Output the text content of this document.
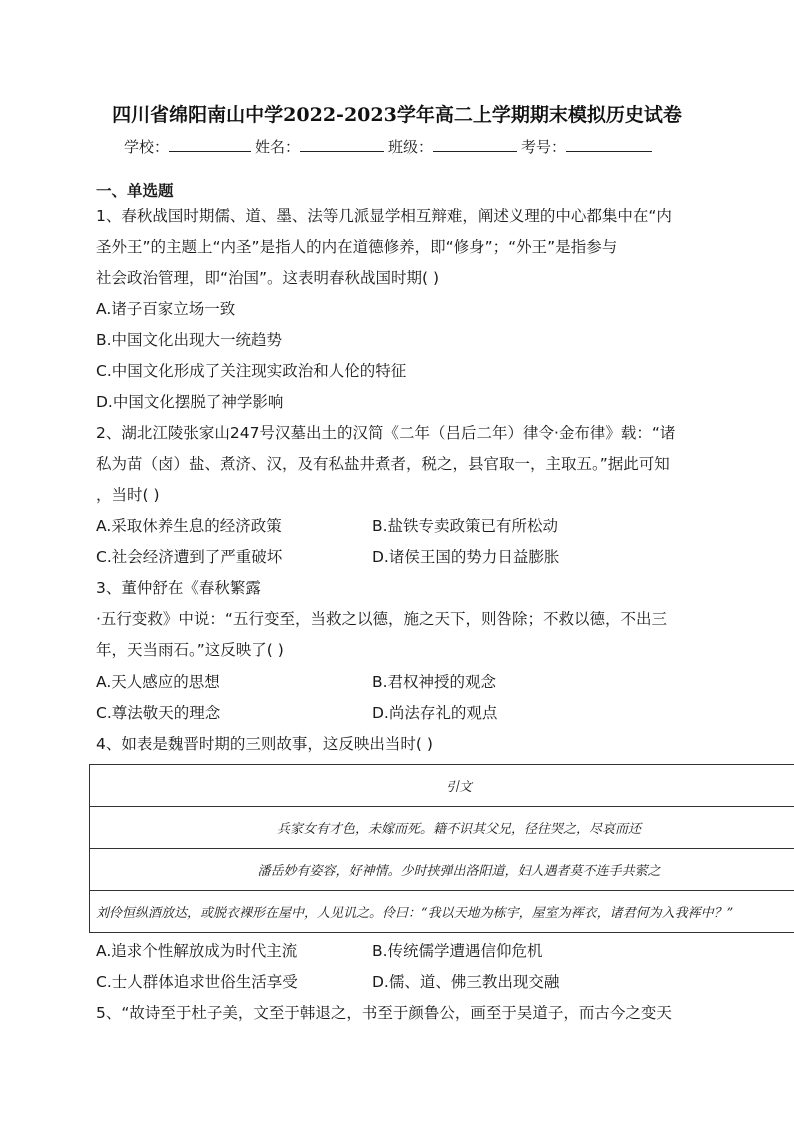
四川省绵阳南山中学2022-2023学年高二上学期期末模拟历史试卷
学校：	姓名：	班级：	考号：
一、单选题
1、春秋战国时期儒、道、墨、法等几派显学相互辩难，阐述义理的中心都集中在“内
圣外王”的主题上“内圣”是指人的内在道德修养，即“修身”；“外王”是指参与
社会政治管理，即“治国”。这表明春秋战国时期( )
A.诸子百家立场一致
B.中国文化出现大一统趋势
C.中国文化形成了关注现实政治和人伦的特征
D.中国文化摆脱了神学影响
2、湖北江陵张家山247号汉墓出土的汉简《二年（吕后二年）律令·金布律》载：“诸
私为苗（卤）盐、煮济、汉，及有私盐井煮者，税之，县官取一，主取五。”据此可知
，当时( )
A.采取休养生息的经济政策	B.盐铁专卖政策已有所松动
C.社会经济遭到了严重破坏	D.诸侯王国的势力日益膨胀
3、董仲舒在《春秋繁露
·五行变救》中说：“五行变至，当救之以德，施之天下，则咎除；不救以德，不出三
年，天当雨石。”这反映了( )
A.天人感应的思想	B.君权神授的观念
C.尊法敬天的理念	D.尚法存礼的观点
4、如表是魏晋时期的三则故事，这反映出当时( )
引文
兵家女有才色，未嫁而死。籍不识其父兄，径往哭之，尽哀而还
潘岳妙有姿容，好神情。少时挟弹出洛阳道，妇人遇者莫不连手共萦之
刘伶恒纵酒放达，或脱衣裸形在屋中，人见讥之。伶曰：“我以天地为栋宇，屋室为裈衣，诸君何为入我裈中？”
A.追求个性解放成为时代主流	B.传统儒学遭遇信仰危机
C.士人群体追求世俗生活享受	D.儒、道、佛三教出现交融
5、“故诗至于杜子美，文至于韩退之，书至于颜鲁公，画至于吴道子，而古今之变天
